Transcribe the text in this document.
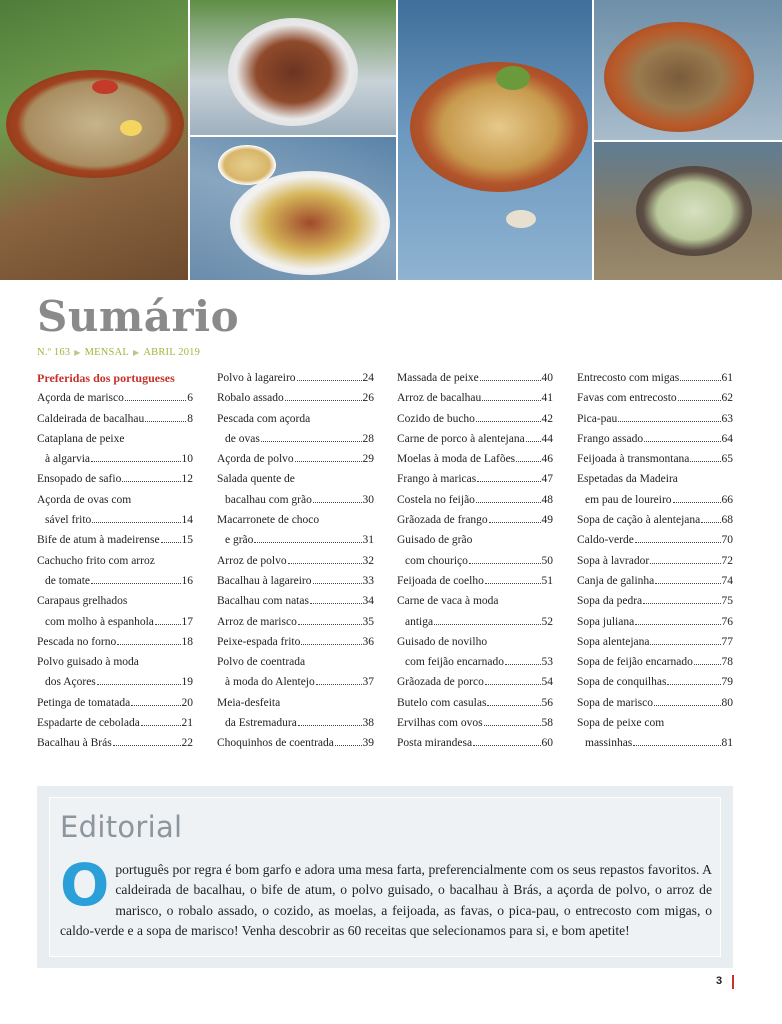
Sumário
N.º 163 ▶ MENSAL ▶ ABRIL 2019
Preferidas dos portugueses
Açorda de marisco	6
Caldeirada de bacalhau	8
Cataplana de peixe
à algarvia	10
Ensopado de safio	12
Açorda de ovas com
sável frito	14
Bife de atum à madeirense 15
Cachucho frito com arroz
de tomate	16
Carapaus grelhados
com molho à espanhola 17
Pescada no forno	18
Polvo guisado à moda
dos Açores	19
Petinga de tomatada	20
Espadarte de cebolada	21
Bacalhau à Brás	22
Polvo à lagareiro	24
Robalo assado	26
Pescada com açorda
de ovas	28
Açorda de polvo	29
Salada quente de
bacalhau com grão	30
Macarronete de choco
e grão	31
Arroz de polvo	32
Bacalhau à lagareiro	33
Bacalhau com natas	34
Arroz de marisco	35
Peixe-espada frito	36
Polvo de coentrada
à moda do Alentejo	37
Meia-desfeita
da Estremadura	38
Choquinhos de coentrada 39
Massada de peixe	40
Arroz de bacalhau	41
Cozido de bucho	42
Carne de porco à alentejana 44
Moelas à moda de Lafões 46
Frango à maricas	47
Costela no feijão	48
Grãozada de frango	49
Guisado de grão
com chouriço	50
Feijoada de coelho	51
Carne de vaca à moda
antiga	52
Guisado de novilho
com feijão encarnado	53
Grãozada de porco	54
Butelo com casulas	56
Ervilhas com ovos	58
Posta mirandesa	60
Entrecosto com migas	61
Favas com entrecosto	62
Pica-pau	63
Frango assado	64
Feijoada à transmontana	65
Espetadas da Madeira
em pau de loureiro	66
Sopa de cação à alentejana 68
Caldo-verde	70
Sopa à lavrador	72
Canja de galinha	74
Sopa da pedra	75
Sopa juliana	76
Sopa alentejana	77
Sopa de feijão encarnado 78
Sopa de conquilhas	79
Sopa de marisco	80
Sopa de peixe com
massinhas	81
Editorial

O português por regra é bom garfo e adora uma mesa farta, preferencialmente com os seus repastos favoritos. A caldeirada de bacalhau, o bife de atum, o polvo guisado, o bacalhau à Brás, a açorda de polvo, o arroz de marisco, o robalo assado, o cozido, as moelas, a feijoada, as favas, o pica-pau, o entrecosto com migas, o caldo-verde e a sopa de marisco! Venha descobrir as 60 receitas que selecionamos para si, e bom apetite!

3
